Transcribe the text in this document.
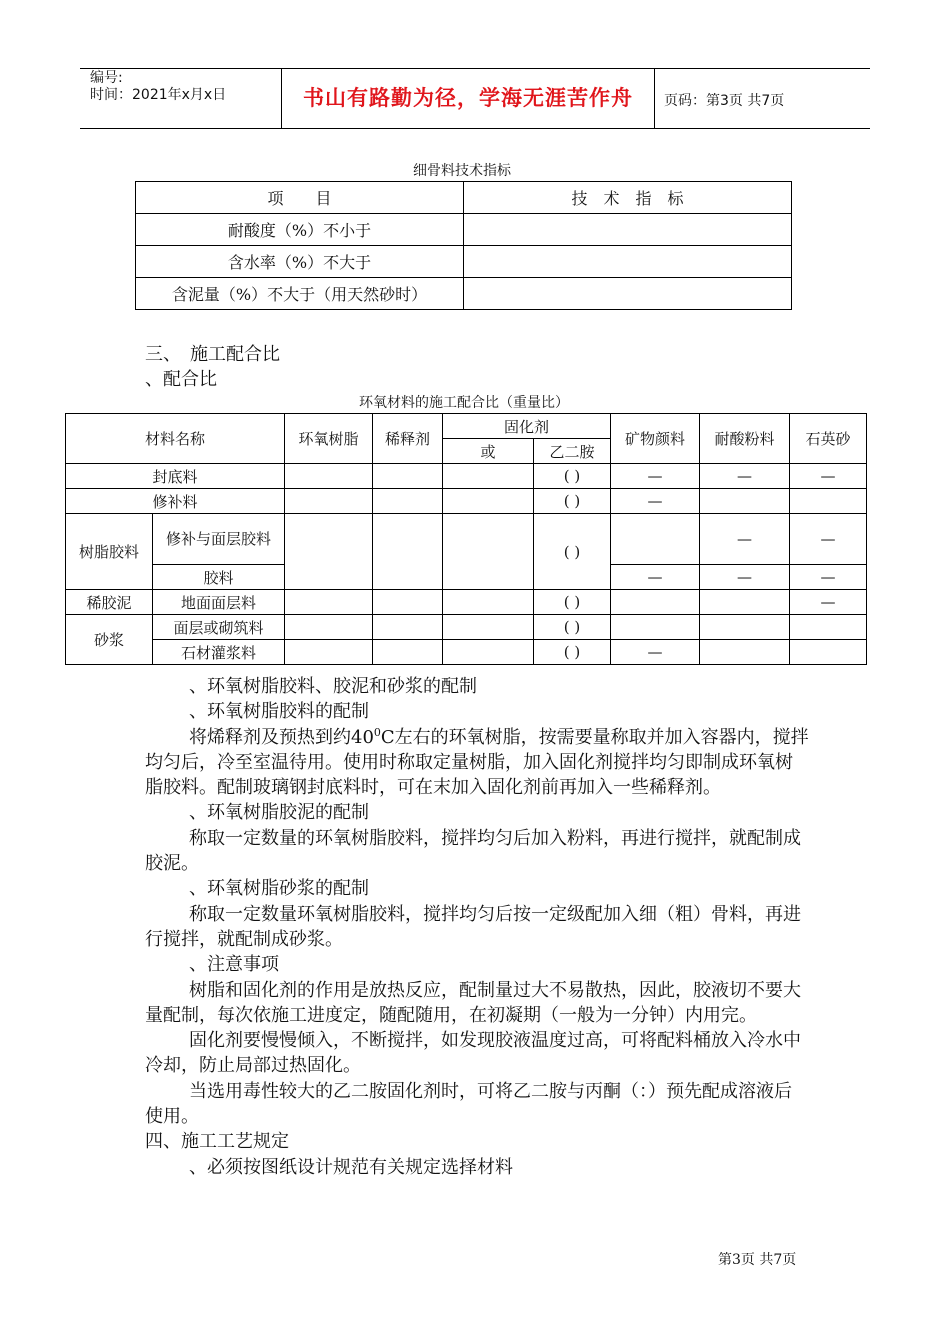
编号:
时间：2021年x月x日	书山有路勤为径，学海无涯苦作舟	页码：第3页 共7页
细骨料技术指标
项　　目	技　术　指　标
耐酸度（%）不小于	
含水率（%）不大于	
含泥量（%）不大于（用天然砂时）	
三、　施工配合比
、配合比
环氧材料的施工配合比（重量比）
材料名称		环氧树脂	稀释剂	固化剂		矿物颜料	耐酸粉料	石英砂
				或	乙二胺			
封底料					( )	—	—	—
修补料					( )	—		
树脂胶料	修补与面层胶料				( )		—	—
	胶料					—	—	—
稀胶泥	地面面层料				( )			—
砂浆	面层或砌筑料				( )			
	石材灌浆料				( )	—		

、环氧树脂胶料、胶泥和砂浆的配制

、环氧树脂胶料的配制

将烯释剂及预热到约$40^0C$左右的环氧树脂，按需要量称取并加入容器内，搅拌均匀后，冷至室温待用。使用时称取定量树脂，加入固化剂搅拌均匀即制成环氧树脂胶料。配制玻璃钢封底料时，可在末加入固化剂前再加入一些稀释剂。

、环氧树脂胶泥的配制

称取一定数量的环氧树脂胶料，搅拌均匀后加入粉料，再进行搅拌，就配制成胶泥。

、环氧树脂砂浆的配制

称取一定数量环氧树脂胶料，搅拌均匀后按一定级配加入细（粗）骨料，再进行搅拌，就配制成砂浆。

、注意事项

树脂和固化剂的作用是放热反应，配制量过大不易散热，因此，胶液切不要大量配制，每次依施工进度定，随配随用，在初凝期（一般为一分钟）内用完。

固化剂要慢慢倾入，不断搅拌，如发现胶液温度过高，可将配料桶放入冷水中冷却，防止局部过热固化。

当选用毒性较大的乙二胺固化剂时，可将乙二胺与丙酮（：）预先配成溶液后使用。

四、施工工艺规定

、必须按图纸设计规范有关规定选择材料

第3页 共7页
